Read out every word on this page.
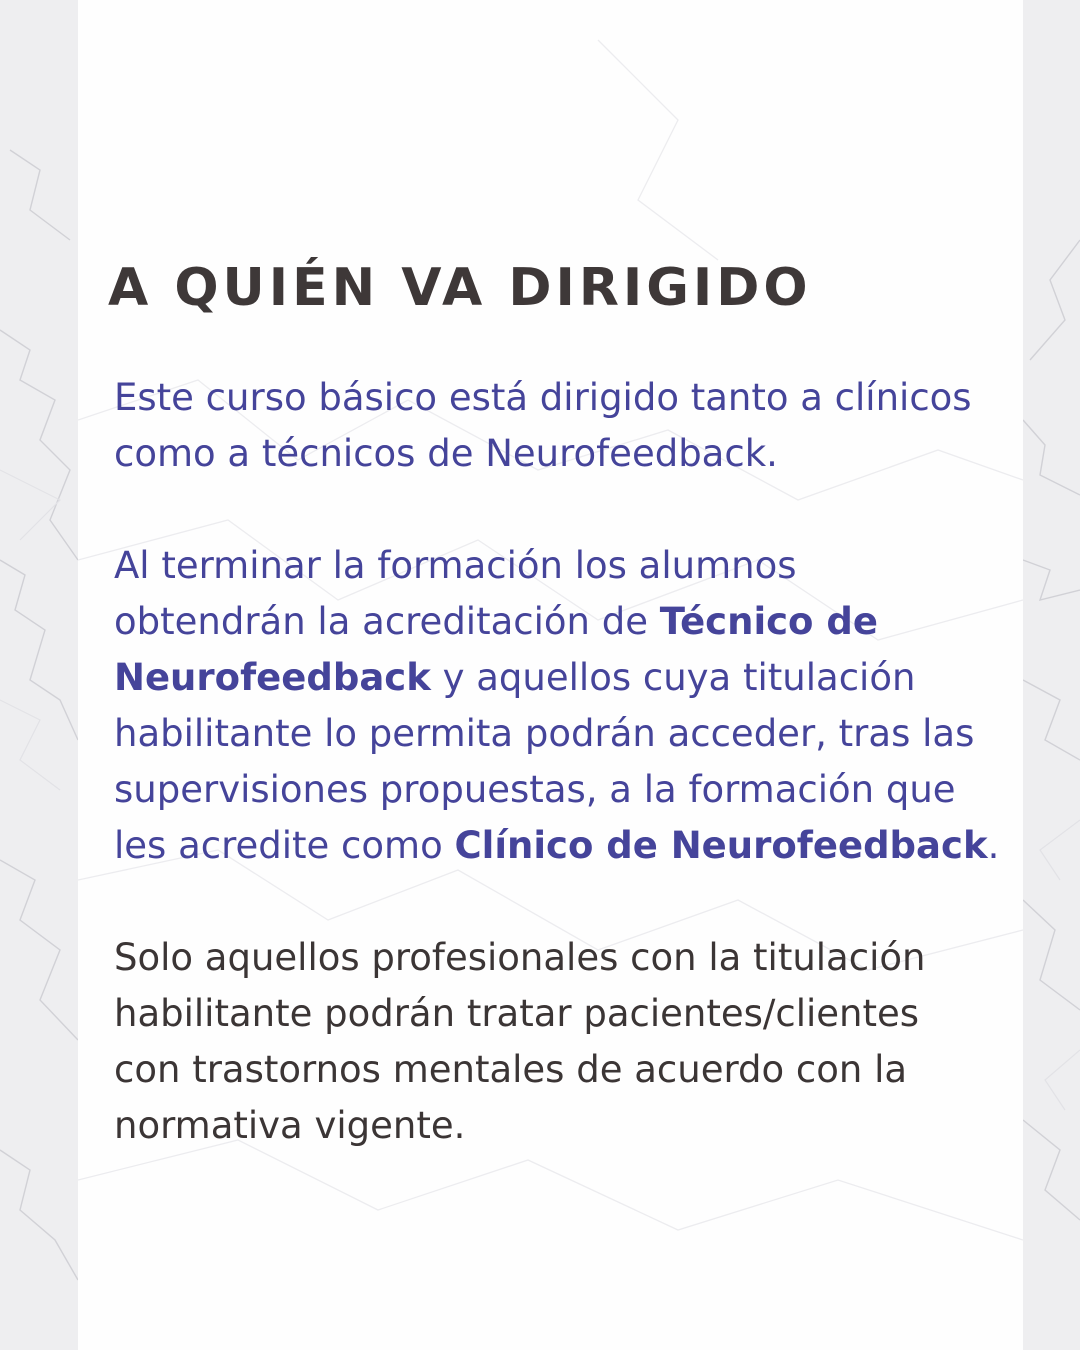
A QUIÉN VA DIRIGIDO

Este curso básico está dirigido tanto a clínicos
como a técnicos de Neurofeedback.

Al terminar la formación los alumnos
obtendrán la acreditación de Técnico de
Neurofeedback y aquellos cuya titulación
habilitante lo permita podrán acceder, tras las
supervisiones propuestas, a la formación que
les acredite como Clínico de Neurofeedback.

Solo aquellos profesionales con la titulación
habilitante podrán tratar pacientes/clientes
con trastornos mentales de acuerdo con la
normativa vigente.
